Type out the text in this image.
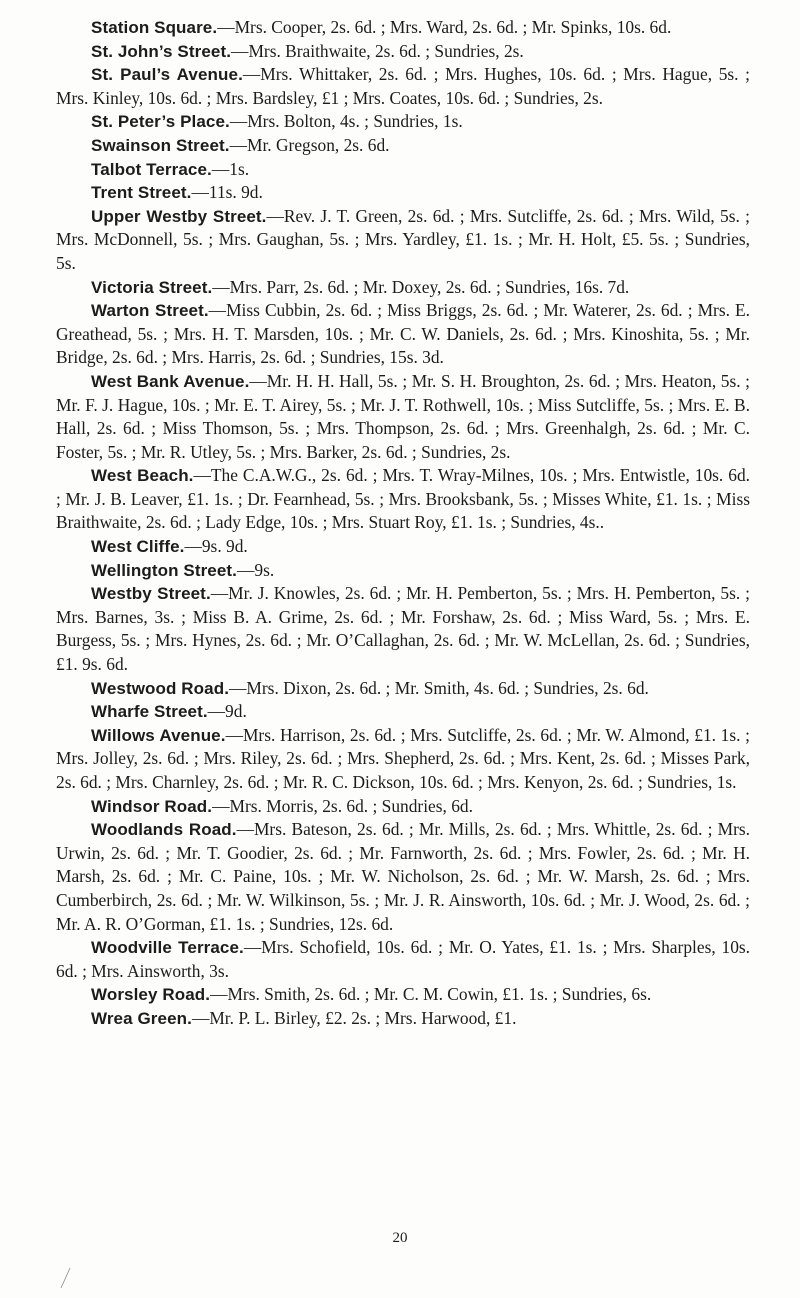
Station Square.—Mrs. Cooper, 2s. 6d. ; Mrs. Ward, 2s. 6d. ; Mr. Spinks, 10s. 6d.

St. John’s Street.—Mrs. Braithwaite, 2s. 6d. ; Sundries, 2s.

St. Paul’s Avenue.—Mrs. Whittaker, 2s. 6d. ; Mrs. Hughes, 10s. 6d. ; Mrs. Hague, 5s. ; Mrs. Kinley, 10s. 6d. ; Mrs. Bardsley, £1 ; Mrs. Coates, 10s. 6d. ; Sundries, 2s.

St. Peter’s Place.—Mrs. Bolton, 4s. ; Sundries, 1s.

Swainson Street.—Mr. Gregson, 2s. 6d.

Talbot Terrace.—1s.

Trent Street.—11s. 9d.

Upper Westby Street.—Rev. J. T. Green, 2s. 6d. ; Mrs. Sutcliffe, 2s. 6d. ; Mrs. Wild, 5s. ; Mrs. McDonnell, 5s. ; Mrs. Gaughan, 5s. ; Mrs. Yardley, £1. 1s. ; Mr. H. Holt, £5. 5s. ; Sundries, 5s.

Victoria Street.—Mrs. Parr, 2s. 6d. ; Mr. Doxey, 2s. 6d. ; Sundries, 16s. 7d.

Warton Street.—Miss Cubbin, 2s. 6d. ; Miss Briggs, 2s. 6d. ; Mr. Waterer, 2s. 6d. ; Mrs. E. Greathead, 5s. ; Mrs. H. T. Marsden, 10s. ; Mr. C. W. Daniels, 2s. 6d. ; Mrs. Kinoshita, 5s. ; Mr. Bridge, 2s. 6d. ; Mrs. Harris, 2s. 6d. ; Sundries, 15s. 3d.

West Bank Avenue.—Mr. H. H. Hall, 5s. ; Mr. S. H. Broughton, 2s. 6d. ; Mrs. Heaton, 5s. ; Mr. F. J. Hague, 10s. ; Mr. E. T. Airey, 5s. ; Mr. J. T. Rothwell, 10s. ; Miss Sutcliffe, 5s. ; Mrs. E. B. Hall, 2s. 6d. ; Miss Thomson, 5s. ; Mrs. Thompson, 2s. 6d. ; Mrs. Greenhalgh, 2s. 6d. ; Mr. C. Foster, 5s. ; Mr. R. Utley, 5s. ; Mrs. Barker, 2s. 6d. ; Sundries, 2s.

West Beach.—The C.A.W.G., 2s. 6d. ; Mrs. T. Wray-Milnes, 10s. ; Mrs. Entwistle, 10s. 6d. ; Mr. J. B. Leaver, £1. 1s. ; Dr. Fearnhead, 5s. ; Mrs. Brooksbank, 5s. ; Misses White, £1. 1s. ; Miss Braithwaite, 2s. 6d. ; Lady Edge, 10s. ; Mrs. Stuart Roy, £1. 1s. ; Sundries, 4s..

West Cliffe.—9s. 9d.

Wellington Street.—9s.

Westby Street.—Mr. J. Knowles, 2s. 6d. ; Mr. H. Pemberton, 5s. ; Mrs. H. Pemberton, 5s. ; Mrs. Barnes, 3s. ; Miss B. A. Grime, 2s. 6d. ; Mr. Forshaw, 2s. 6d. ; Miss Ward, 5s. ; Mrs. E. Burgess, 5s. ; Mrs. Hynes, 2s. 6d. ; Mr. O’Callaghan, 2s. 6d. ; Mr. W. McLellan, 2s. 6d. ; Sundries, £1. 9s. 6d.

Westwood Road.—Mrs. Dixon, 2s. 6d. ; Mr. Smith, 4s. 6d. ; Sundries, 2s. 6d.

Wharfe Street.—9d.

Willows Avenue.—Mrs. Harrison, 2s. 6d. ; Mrs. Sutcliffe, 2s. 6d. ; Mr. W. Almond, £1. 1s. ; Mrs. Jolley, 2s. 6d. ; Mrs. Riley, 2s. 6d. ; Mrs. Shepherd, 2s. 6d. ; Mrs. Kent, 2s. 6d. ; Misses Park, 2s. 6d. ; Mrs. Charnley, 2s. 6d. ; Mr. R. C. Dickson, 10s. 6d. ; Mrs. Kenyon, 2s. 6d. ; Sundries, 1s.

Windsor Road.—Mrs. Morris, 2s. 6d. ; Sundries, 6d.

Woodlands Road.—Mrs. Bateson, 2s. 6d. ; Mr. Mills, 2s. 6d. ; Mrs. Whittle, 2s. 6d. ; Mrs. Urwin, 2s. 6d. ; Mr. T. Goodier, 2s. 6d. ; Mr. Farnworth, 2s. 6d. ; Mrs. Fowler, 2s. 6d. ; Mr. H. Marsh, 2s. 6d. ; Mr. C. Paine, 10s. ; Mr. W. Nicholson, 2s. 6d. ; Mr. W. Marsh, 2s. 6d. ; Mrs. Cumberbirch, 2s. 6d. ; Mr. W. Wilkinson, 5s. ; Mr. J. R. Ainsworth, 10s. 6d. ; Mr. J. Wood, 2s. 6d. ; Mr. A. R. O’Gorman, £1. 1s. ; Sundries, 12s. 6d.

Woodville Terrace.—Mrs. Schofield, 10s. 6d. ; Mr. O. Yates, £1. 1s. ; Mrs. Sharples, 10s. 6d. ; Mrs. Ainsworth, 3s.

Worsley Road.—Mrs. Smith, 2s. 6d. ; Mr. C. M. Cowin, £1. 1s. ; Sundries, 6s.

Wrea Green.—Mr. P. L. Birley, £2. 2s. ; Mrs. Harwood, £1.

20
